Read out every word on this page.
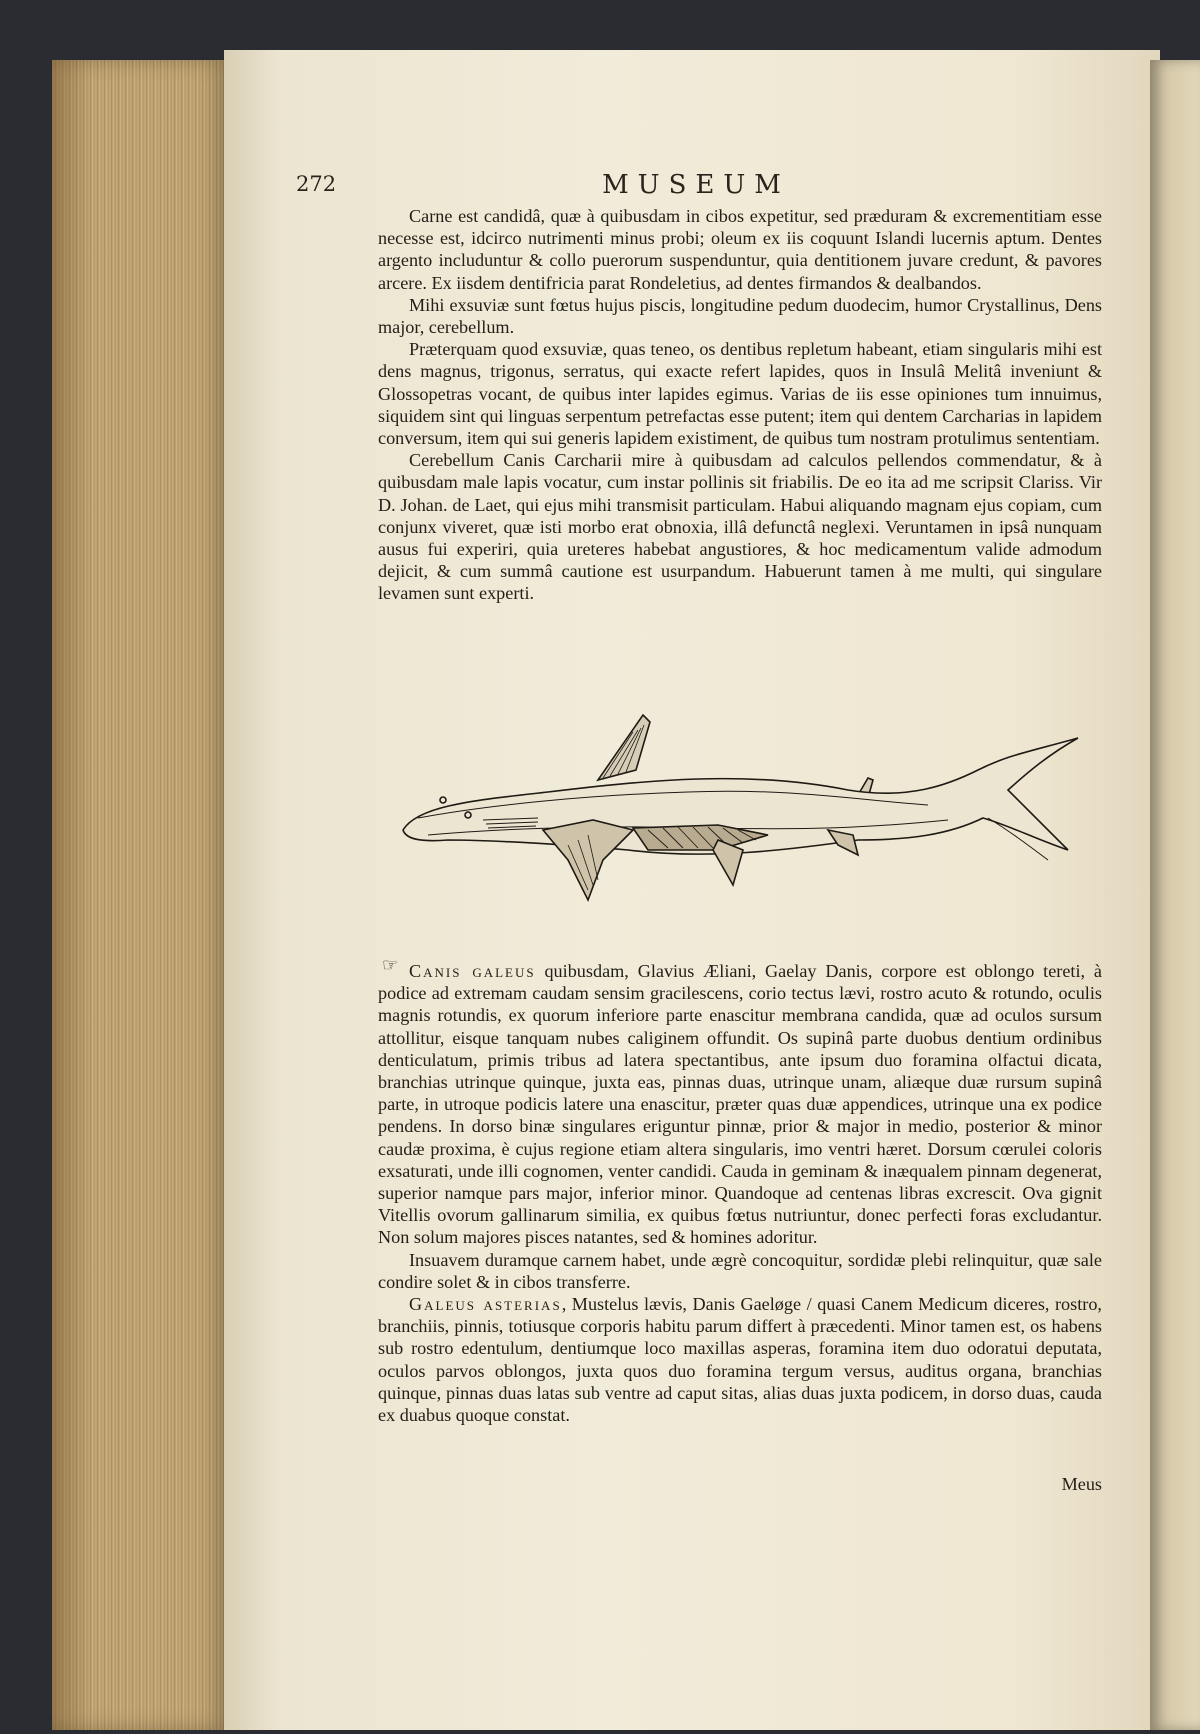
272	MUSEUM

Carne est candidâ, quæ à quibusdam in cibos expetitur, sed præduram & excrementitiam esse necesse est, idcirco nutrimenti minus probi; oleum ex iis coquunt Islandi lucernis aptum. Dentes argento includuntur & collo puerorum suspenduntur, quia dentitionem juvare credunt, & pavores arcere. Ex iisdem dentifricia parat Rondeletius, ad dentes firmandos & dealbandos.

Mihi exsuviæ sunt fœtus hujus piscis, longitudine pedum duodecim, humor Crystallinus, Dens major, cerebellum.

Præterquam quod exsuviæ, quas teneo, os dentibus repletum habeant, etiam singularis mihi est dens magnus, trigonus, serratus, qui exacte refert lapides, quos in Insulâ Melitâ inveniunt & Glossopetras vocant, de quibus inter lapides egimus. Varias de iis esse opiniones tum innuimus, siquidem sint qui linguas serpentum petrefactas esse putent; item qui dentem Carcharias in lapidem conversum, item qui sui generis lapidem existiment, de quibus tum nostram protulimus sententiam.

Cerebellum Canis Carcharii mire à quibusdam ad calculos pellendos commendatur, & à quibusdam male lapis vocatur, cum instar pollinis sit friabilis. De eo ita ad me scripsit Clariss. Vir D. Johan. de Laet, qui ejus mihi transmisit particulam. Habui aliquando magnam ejus copiam, cum conjunx viveret, quæ isti morbo erat obnoxia, illâ defunctâ neglexi. Veruntamen in ipsâ nunquam ausus fui experiri, quia ureteres habebat angustiores, & hoc medicamentum valide admodum dejicit, & cum summâ cautione est usurpandum. Habuerunt tamen à me multi, qui singulare levamen sunt experti.

☞ Canis galeus quibusdam, Glavius Æliani, Gaelay Danis, corpore est oblongo tereti, à podice ad extremam caudam sensim gracilescens, corio tectus lævi, rostro acuto & rotundo, oculis magnis rotundis, ex quorum inferiore parte enascitur membrana candida, quæ ad oculos sursum attollitur, eisque tanquam nubes caliginem offundit. Os supinâ parte duobus dentium ordinibus denticulatum, primis tribus ad latera spectantibus, ante ipsum duo foramina olfactui dicata, branchias utrinque quinque, juxta eas, pinnas duas, utrinque unam, aliæque duæ rursum supinâ parte, in utroque podicis latere una enascitur, præter quas duæ appendices, utrinque una ex podice pendens. In dorso binæ singulares eriguntur pinnæ, prior & major in medio, posterior & minor caudæ proxima, è cujus regione etiam altera singularis, imo ventri hæret. Dorsum cœrulei coloris exsaturati, unde illi cognomen, venter candidi. Cauda in geminam & inæqualem pinnam degenerat, superior namque pars major, inferior minor. Quandoque ad centenas libras excrescit. Ova gignit Vitellis ovorum gallinarum similia, ex quibus fœtus nutriuntur, donec perfecti foras excludantur. Non solum majores pisces natantes, sed & homines adoritur.

Insuavem duramque carnem habet, unde ægrè concoquitur, sordidæ plebi relinquitur, quæ sale condire solet & in cibos transferre.

Galeus asterias, Mustelus lævis, Danis Gaeløge / quasi Canem Medicum diceres, rostro, branchiis, pinnis, totiusque corporis habitu parum differt à præcedenti. Minor tamen est, os habens sub rostro edentulum, dentiumque loco maxillas asperas, foramina item duo odoratui deputata, oculos parvos oblongos, juxta quos duo foramina tergum versus, auditus organa, branchias quinque, pinnas duas latas sub ventre ad caput sitas, alias duas juxta podicem, in dorso duas, cauda ex duabus quoque constat.

Meus
